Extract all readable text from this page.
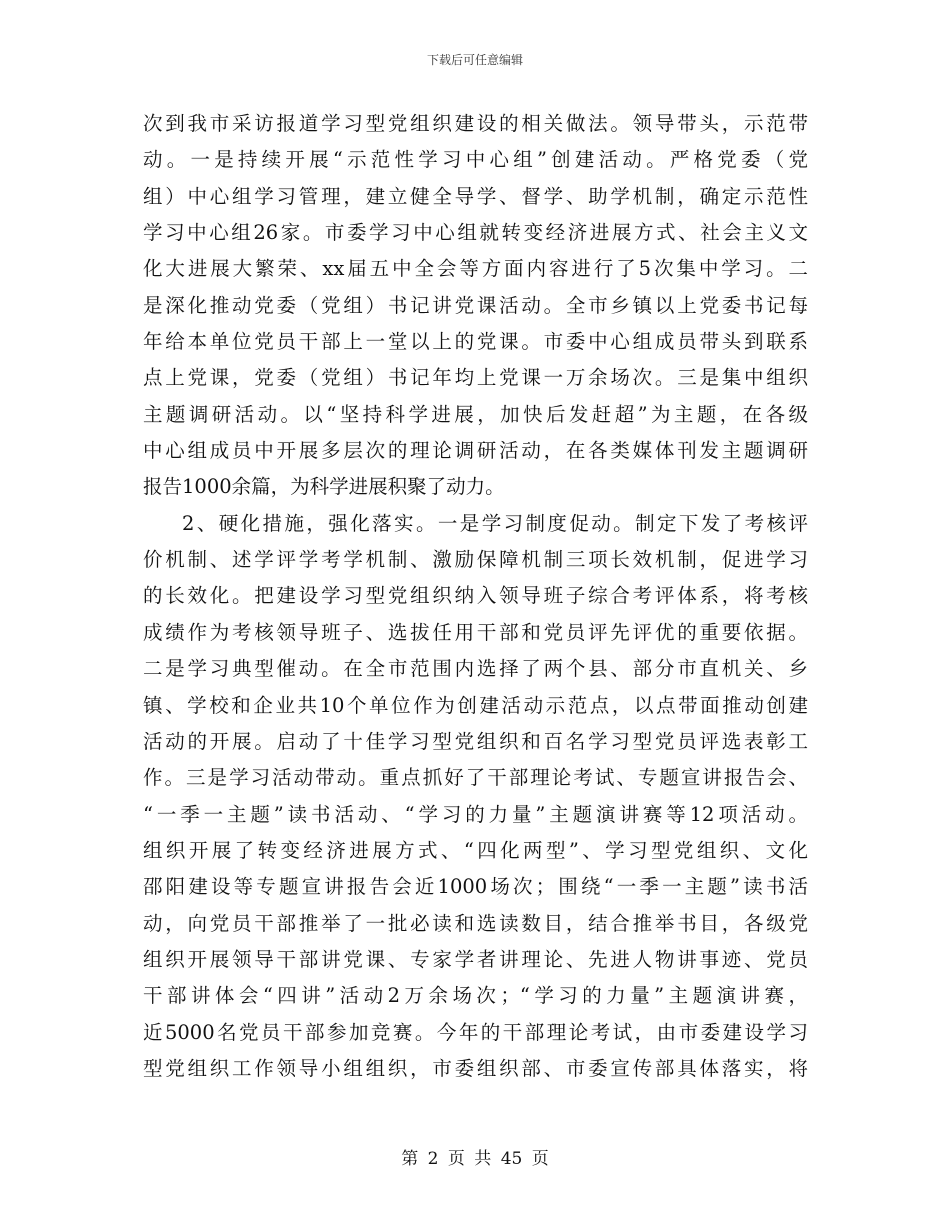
下载后可任意编辑
次到我市采访报道学习型党组织建设的相关做法。领导带头，示范带
动。一是持续开展“示范性学习中心组”创建活动。严格党委（党
组）中心组学习管理，建立健全导学、督学、助学机制，确定示范性
学习中心组26家。市委学习中心组就转变经济进展方式、社会主义文
化大进展大繁荣、xx届五中全会等方面内容进行了5次集中学习。二
是深化推动党委（党组）书记讲党课活动。全市乡镇以上党委书记每
年给本单位党员干部上一堂以上的党课。市委中心组成员带头到联系
点上党课，党委（党组）书记年均上党课一万余场次。三是集中组织
主题调研活动。以“坚持科学进展，加快后发赶超”为主题，在各级
中心组成员中开展多层次的理论调研活动，在各类媒体刊发主题调研
报告1000余篇，为科学进展积聚了动力。
2、硬化措施，强化落实。一是学习制度促动。制定下发了考核评
价机制、述学评学考学机制、激励保障机制三项长效机制，促进学习
的长效化。把建设学习型党组织纳入领导班子综合考评体系，将考核
成绩作为考核领导班子、选拔任用干部和党员评先评优的重要依据。
二是学习典型催动。在全市范围内选择了两个县、部分市直机关、乡
镇、学校和企业共10个单位作为创建活动示范点，以点带面推动创建
活动的开展。启动了十佳学习型党组织和百名学习型党员评选表彰工
作。三是学习活动带动。重点抓好了干部理论考试、专题宣讲报告会、
“一季一主题”读书活动、“学习的力量”主题演讲赛等12项活动。
组织开展了转变经济进展方式、“四化两型”、学习型党组织、文化
邵阳建设等专题宣讲报告会近1000场次；围绕“一季一主题”读书活
动，向党员干部推举了一批必读和选读数目，结合推举书目，各级党
组织开展领导干部讲党课、专家学者讲理论、先进人物讲事迹、党员
干部讲体会“四讲”活动2万余场次；“学习的力量”主题演讲赛，
近5000名党员干部参加竞赛。今年的干部理论考试，由市委建设学习
型党组织工作领导小组组织，市委组织部、市委宣传部具体落实，将
第 2 页 共 45 页
